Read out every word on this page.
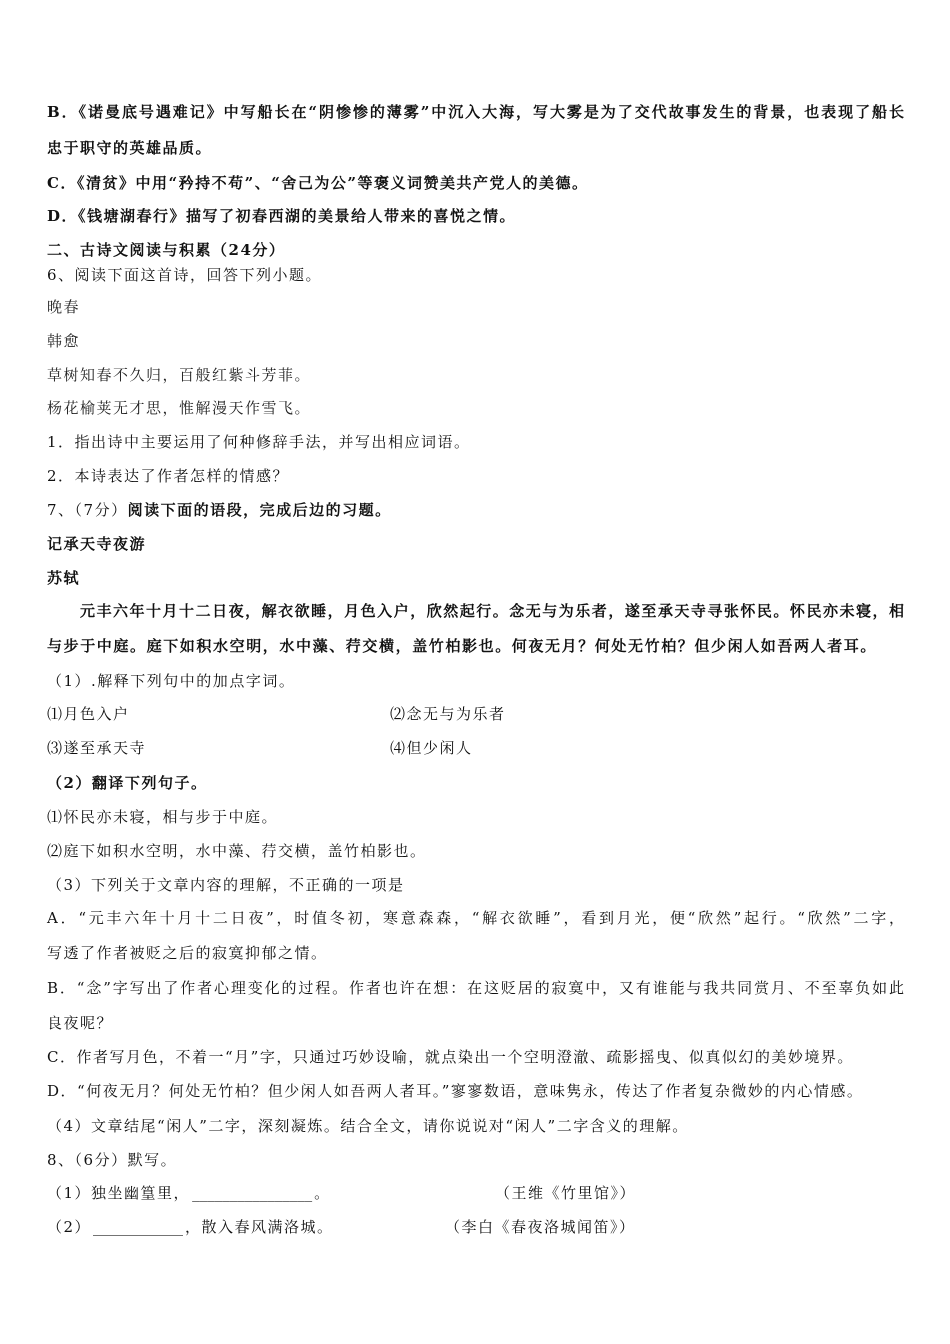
B．《诺曼底号遇难记》中写船长在“阴惨惨的薄雾”中沉入大海，写大雾是为了交代故事发生的背景，也表现了船长
忠于职守的英雄品质。
C．《清贫》中用“矜持不苟”、“舍己为公”等褒义词赞美共产党人的美德。
D．《钱塘湖春行》描写了初春西湖的美景给人带来的喜悦之情。
二、古诗文阅读与积累（24分）
6、阅读下面这首诗，回答下列小题。
晚春
韩愈
草树知春不久归，百般红紫斗芳菲。
杨花榆荚无才思，惟解漫天作雪飞。
1．指出诗中主要运用了何种修辞手法，并写出相应词语。
2．本诗表达了作者怎样的情感？
7、（7分）阅读下面的语段，完成后边的习题。
记承天寺夜游
苏轼
元丰六年十月十二日夜，解衣欲睡，月色入户，欣然起行。念无与为乐者，遂至承天寺寻张怀民。怀民亦未寝，相
与步于中庭。庭下如积水空明，水中藻、荇交横，盖竹柏影也。何夜无月？何处无竹柏？但少闲人如吾两人者耳。
（1）.解释下列句中的加点字词。
⑴月色入户	⑵念无与为乐者
⑶遂至承天寺	⑷但少闲人
（2）翻译下列句子。
⑴怀民亦未寝，相与步于中庭。
⑵庭下如积水空明，水中藻、荇交横，盖竹柏影也。
（3）下列关于文章内容的理解，不正确的一项是
A．“元丰六年十月十二日夜”，时值冬初，寒意森森，“解衣欲睡”，看到月光，便“欣然”起行。“欣然”二字，
写透了作者被贬之后的寂寞抑郁之情。
B．“念”字写出了作者心理变化的过程。作者也许在想：在这贬居的寂寞中，又有谁能与我共同赏月、不至辜负如此
良夜呢？
C．作者写月色，不着一“月”字，只通过巧妙设喻，就点染出一个空明澄澈、疏影摇曳、似真似幻的美妙境界。
D．“何夜无月？何处无竹柏？但少闲人如吾两人者耳。”寥寥数语，意味隽永，传达了作者复杂微妙的内心情感。
（4）文章结尾“闲人”二字，深刻凝炼。结合全文，请你说说对“闲人”二字含义的理解。
8、（6分）默写。
（1）独坐幽篁里， ________________ 。	（王维《竹里馆》）
（2） ____________ ，散入春风满洛城。	（李白《春夜洛城闻笛》）
